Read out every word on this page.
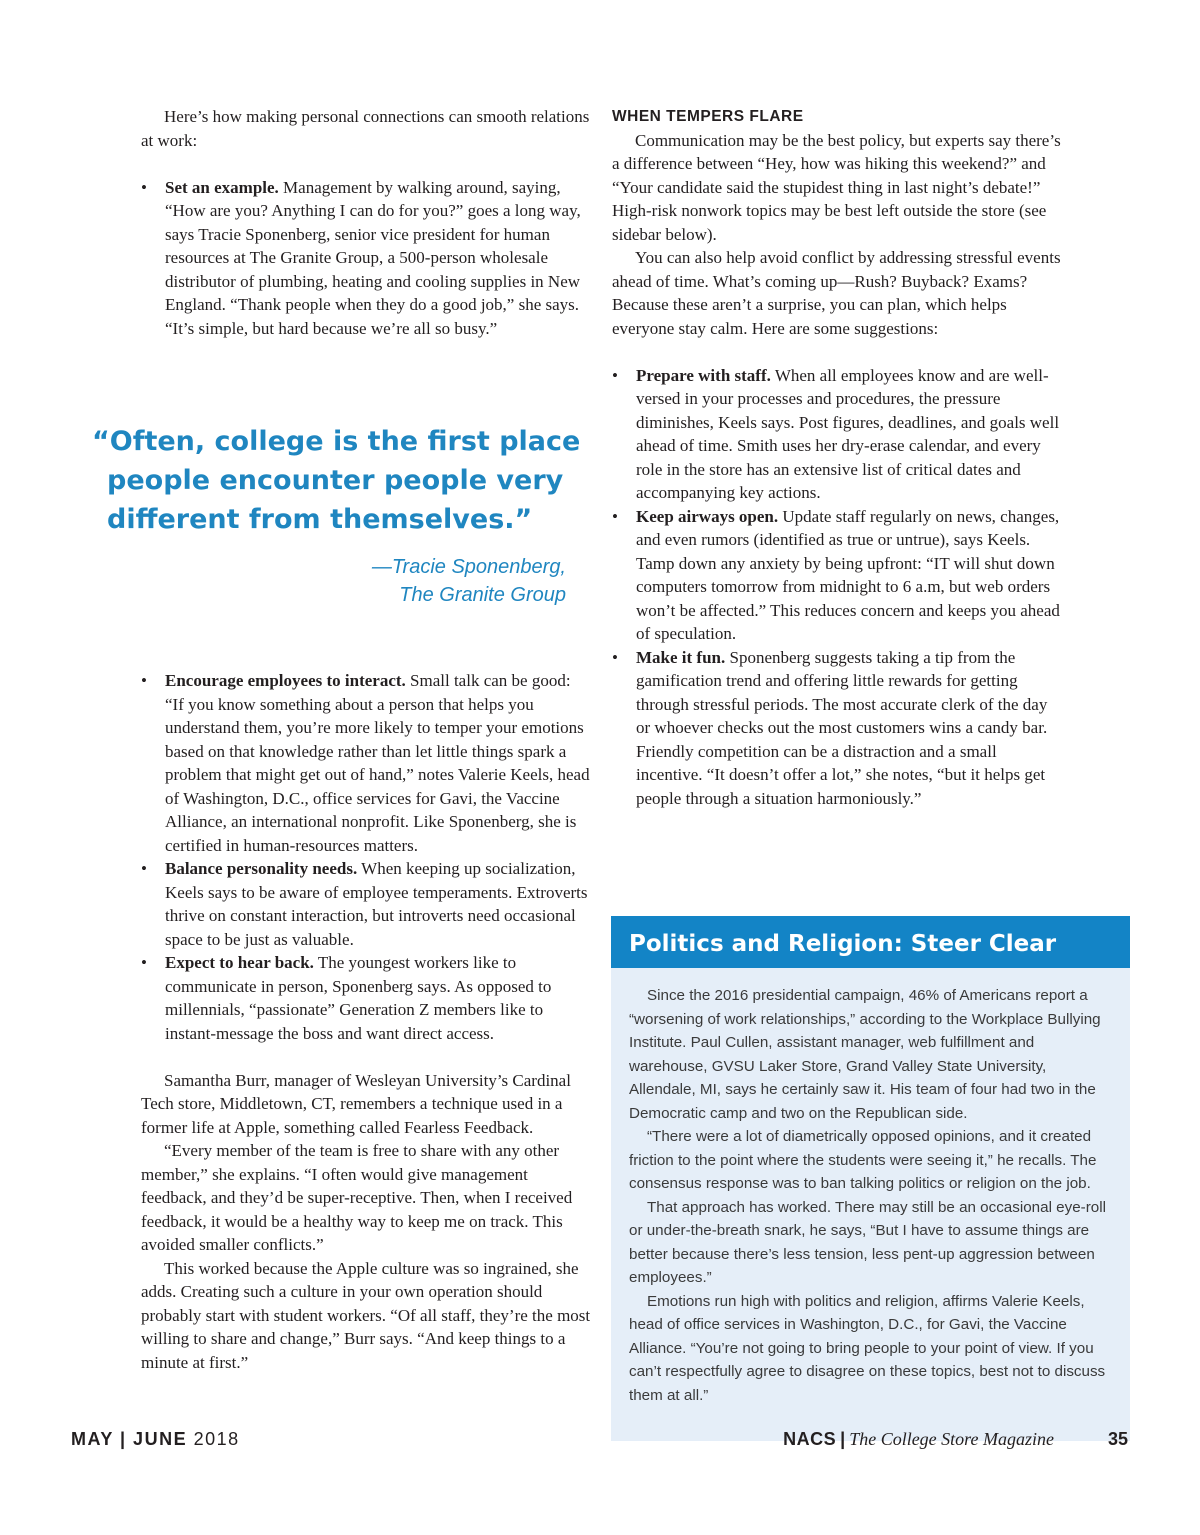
Here’s how making personal connections can smooth relations at work:

• Set an example. Management by walking around, saying, “How are you? Anything I can do for you?” goes a long way, says Tracie Sponenberg, senior vice president for human resources at The Granite Group, a 500-person wholesale distributor of plumbing, heating and cooling supplies in New England. “Thank people when they do a good job,” she says. “It’s simple, but hard because we’re all so busy.”
“Often, college is the first place
people encounter people very
different from themselves.”
—Tracie Sponenberg,
The Granite Group
• Encourage employees to interact. Small talk can be good: “If you know something about a person that helps you understand them, you’re more likely to temper your emotions based on that knowledge rather than let little things spark a problem that might get out of hand,” notes Valerie Keels, head of Washington, D.C., office services for Gavi, the Vaccine Alliance, an international nonprofit. Like Sponenberg, she is certified in human-resources matters.
• Balance personality needs. When keeping up socialization, Keels says to be aware of employee temperaments. Extroverts thrive on constant interaction, but introverts need occasional space to be just as valuable.
• Expect to hear back. The youngest workers like to communicate in person, Sponenberg says. As opposed to millennials, “passionate” Generation Z members like to instant-message the boss and want direct access.

Samantha Burr, manager of Wesleyan University’s Cardinal Tech store, Middletown, CT, remembers a technique used in a former life at Apple, something called Fearless Feedback.

“Every member of the team is free to share with any other member,” she explains. “I often would give management feedback, and they’d be super-receptive. Then, when I received feedback, it would be a healthy way to keep me on track. This avoided smaller conflicts.”

This worked because the Apple culture was so ingrained, she adds. Creating such a culture in your own operation should probably start with student workers. “Of all staff, they’re the most willing to share and change,” Burr says. “And keep things to a minute at first.”

WHEN TEMPERS FLARE

Communication may be the best policy, but experts say there’s a difference between “Hey, how was hiking this weekend?” and “Your candidate said the stupidest thing in last night’s debate!” High-risk nonwork topics may be best left outside the store (see sidebar below).

You can also help avoid conflict by addressing stressful events ahead of time. What’s coming up—Rush? Buyback? Exams? Because these aren’t a surprise, you can plan, which helps everyone stay calm. Here are some suggestions:

• Prepare with staff. When all employees know and are well-versed in your processes and procedures, the pressure diminishes, Keels says. Post figures, deadlines, and goals well ahead of time. Smith uses her dry-erase calendar, and every role in the store has an extensive list of critical dates and accompanying key actions.
• Keep airways open. Update staff regularly on news, changes, and even rumors (identified as true or untrue), says Keels. Tamp down any anxiety by being upfront: “IT will shut down computers tomorrow from midnight to 6 a.m, but web orders won’t be affected.” This reduces concern and keeps you ahead of speculation.
• Make it fun. Sponenberg suggests taking a tip from the gamification trend and offering little rewards for getting through stressful periods. The most accurate clerk of the day or whoever checks out the most customers wins a candy bar. Friendly competition can be a distraction and a small incentive. “It doesn’t offer a lot,” she notes, “but it helps get people through a situation harmoniously.”
Politics and Religion: Steer Clear

Since the 2016 presidential campaign, 46% of Americans report a “worsening of work relationships,” according to the Workplace Bullying Institute. Paul Cullen, assistant manager, web fulfillment and warehouse, GVSU Laker Store, Grand Valley State University, Allendale, MI, says he certainly saw it. His team of four had two in the Democratic camp and two on the Republican side.

“There were a lot of diametrically opposed opinions, and it created friction to the point where the students were seeing it,” he recalls. The consensus response was to ban talking politics or religion on the job.

That approach has worked. There may still be an occasional eye-roll or under-the-breath snark, he says, “But I have to assume things are better because there’s less tension, less pent-up aggression between employees.”

Emotions run high with politics and religion, affirms Valerie Keels, head of office services in Washington, D.C., for Gavi, the Vaccine Alliance. “You’re not going to bring people to your point of view. If you can’t respectfully agree to disagree on these topics, best not to discuss them at all.”

MAY | JUNE 2018	NACS | The College Store Magazine	35
